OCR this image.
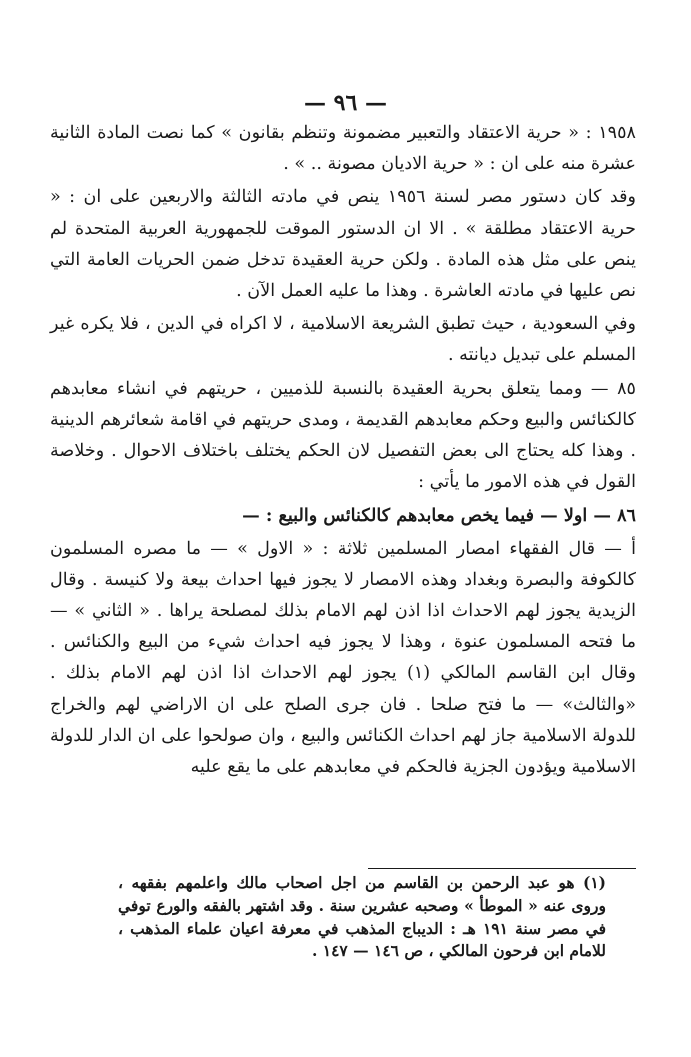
— ٩٦ —

١٩٥٨ : « حرية الاعتقاد والتعبير مضمونة وتنظم بقانون » كما نصت المادة الثانية عشرة منه على ان : « حرية الاديان مصونة .. » .

وقد كان دستور مصر لسنة ١٩٥٦ ينص في مادته الثالثة والاربعين على ان : « حرية الاعتقاد مطلقة » . الا ان الدستور الموقت للجمهورية العربية المتحدة لم ينص على مثل هذه المادة . ولكن حرية العقيدة تدخل ضمن الحريات العامة التي نص عليها في مادته العاشرة . وهذا ما عليه العمل الآن .

وفي السعودية ، حيث تطبق الشريعة الاسلامية ، لا اكراه في الدين ، فلا يكره غير المسلم على تبديل ديانته .

٨٥ — ومما يتعلق بحرية العقيدة بالنسبة للذميين ، حريتهم في انشاء معابدهم كالكنائس والبيع وحكم معابدهم القديمة ، ومدى حريتهم في اقامة شعائرهم الدينية . وهذا كله يحتاج الى بعض التفصيل لان الحكم يختلف باختلاف الاحوال . وخلاصة القول في هذه الامور ما يأتي :

٨٦ — اولا — فيما يخص معابدهم كالكنائس والبيع : —

أ — قال الفقهاء امصار المسلمين ثلاثة : « الاول » — ما مصره المسلمون كالكوفة والبصرة وبغداد وهذه الامصار لا يجوز فيها احداث بيعة ولا كنيسة . وقال الزيدية يجوز لهم الاحداث اذا اذن لهم الامام بذلك لمصلحة يراها . « الثاني » — ما فتحه المسلمون عنوة ، وهذا لا يجوز فيه احداث شيء من البيع والكنائس . وقال ابن القاسم المالكي (١) يجوز لهم الاحداث اذا اذن لهم الامام بذلك . «والثالث» — ما فتح صلحا . فان جرى الصلح على ان الاراضي لهم والخراج للدولة الاسلامية جاز لهم احداث الكنائس والبيع ، وان صولحوا على ان الدار للدولة الاسلامية ويؤدون الجزية فالحكم في معابدهم على ما يقع عليه

(١) هو عبد الرحمن بن القاسم من اجل اصحاب مالك واعلمهم بفقهه ، وروى عنه « الموطأ » وصحبه عشرين سنة . وقد اشتهر بالفقه والورع توفي في مصر سنة ١٩١ هـ : الديباج المذهب في معرفة اعيان علماء المذهب ، للامام ابن فرحون المالكي ، ص ١٤٦ — ١٤٧ .
